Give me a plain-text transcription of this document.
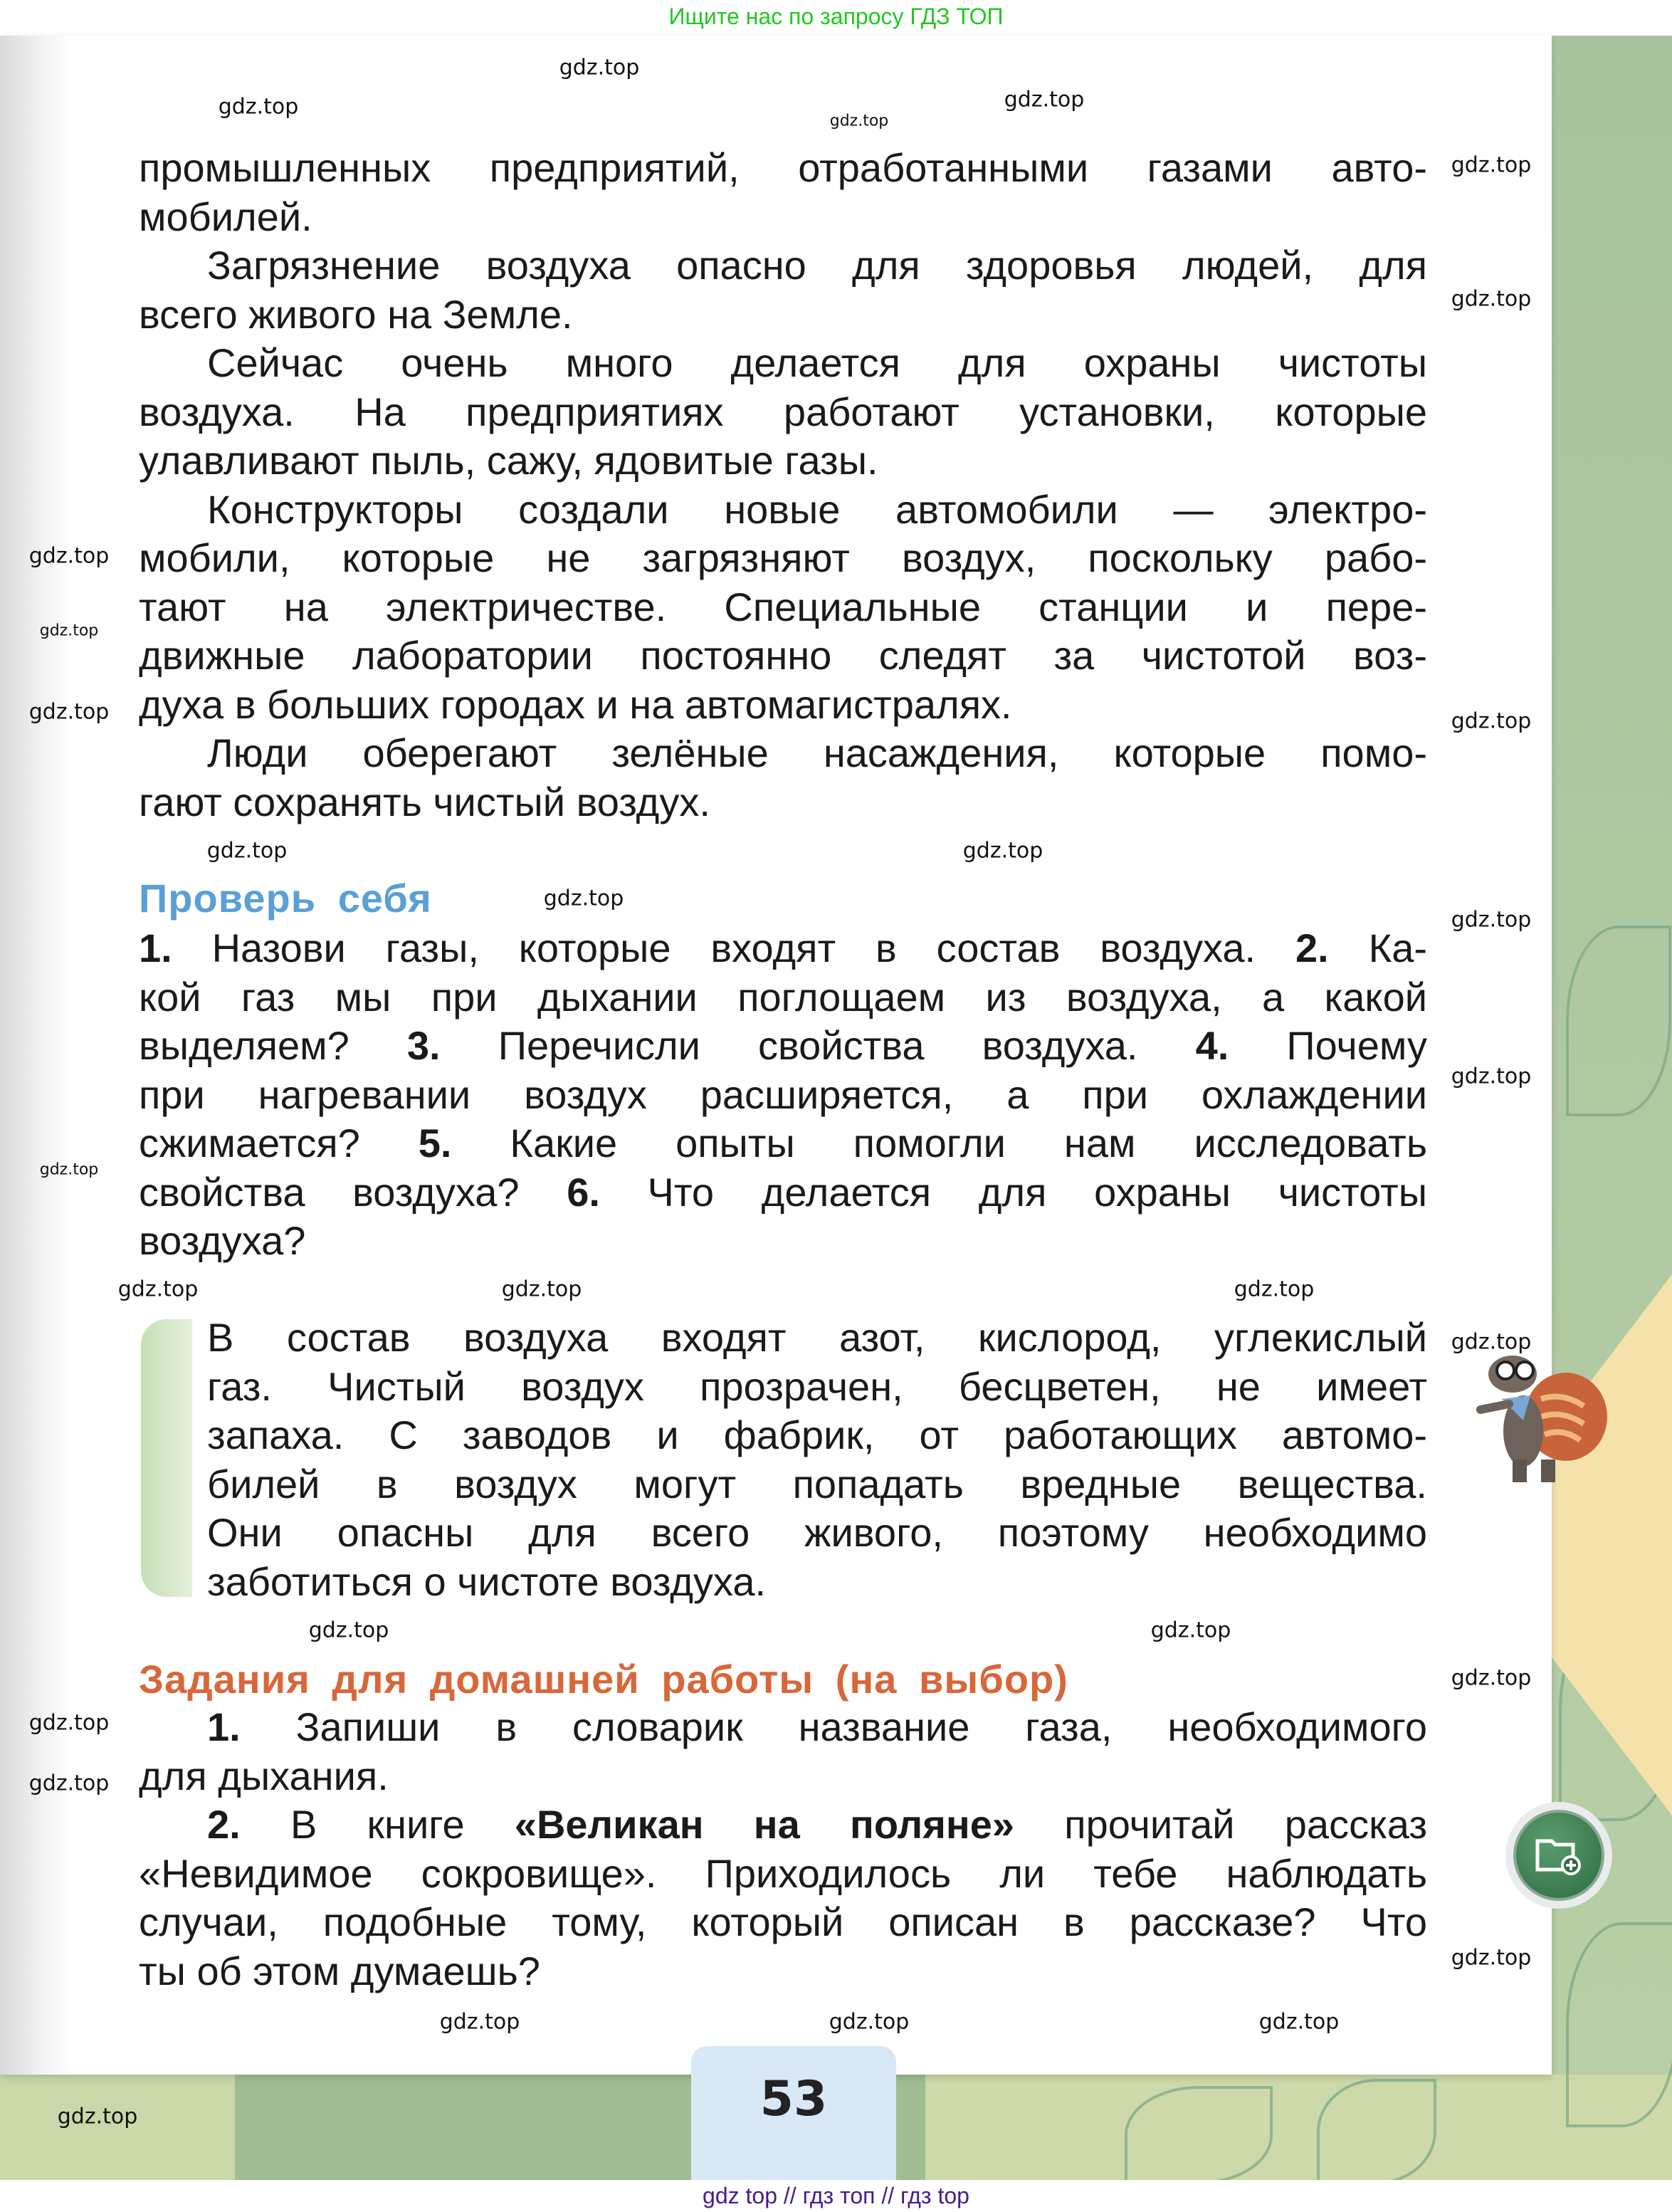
Ищите нас по запросу ГДЗ ТОП
промышленных предприятий, отработанными газами авто-
мобилей.
Загрязнение воздуха опасно для здоровья людей, для
всего живого на Земле.
Сейчас очень много делается для охраны чистоты
воздуха. На предприятиях работают установки, которые
улавливают пыль, сажу, ядовитые газы.
Конструкторы создали новые автомобили — электро-
мобили, которые не загрязняют воздух, поскольку рабо-
тают на электричестве. Специальные станции и пере-
движные лаборатории постоянно следят за чистотой воз-
духа в больших городах и на автомагистралях.
Люди оберегают зелёные насаждения, которые помо-
гают сохранять чистый воздух.
Проверь себя
1. Назови газы, которые входят в состав воздуха. 2. Ка-
кой газ мы при дыхании поглощаем из воздуха, а какой
выделяем? 3. Перечисли свойства воздуха. 4. Почему
при нагревании воздух расширяется, а при охлаждении
сжимается? 5. Какие опыты помогли нам исследовать
свойства воздуха? 6. Что делается для охраны чистоты
воздуха?
В состав воздуха входят азот, кислород, углекислый
газ. Чистый воздух прозрачен, бесцветен, не имеет
запаха. С заводов и фабрик, от работающих автомо-
билей в воздух могут попадать вредные вещества.
Они опасны для всего живого, поэтому необходимо
заботиться о чистоте воздуха.
Задания для домашней работы (на выбор)
1. Запиши в словарик название газа, необходимого
для дыхания.
2. В книге «Великан на поляне» прочитай рассказ
«Невидимое сокровище». Приходилось ли тебе наблюдать
случаи, подобные тому, который описан в рассказе? Что
ты об этом думаешь?
53
gdz.top
gdz.top	gdz.top
gdz.top
gdz.top
gdz.top
gdz.top
gdz.top
gdz.top
gdz.top
gdz.top
gdz.top
gdz.top
gdz.top
gdz.top
gdz.top
gdz.top
gdz.top
gdz.top
gdz.top
gdz.top
gdz.top
gdz.top
gdz.top
gdz.top
gdz.top	gdz.top
gdz.top
gdz.top
gdz.top
gdz top // гдз топ // гдз top
